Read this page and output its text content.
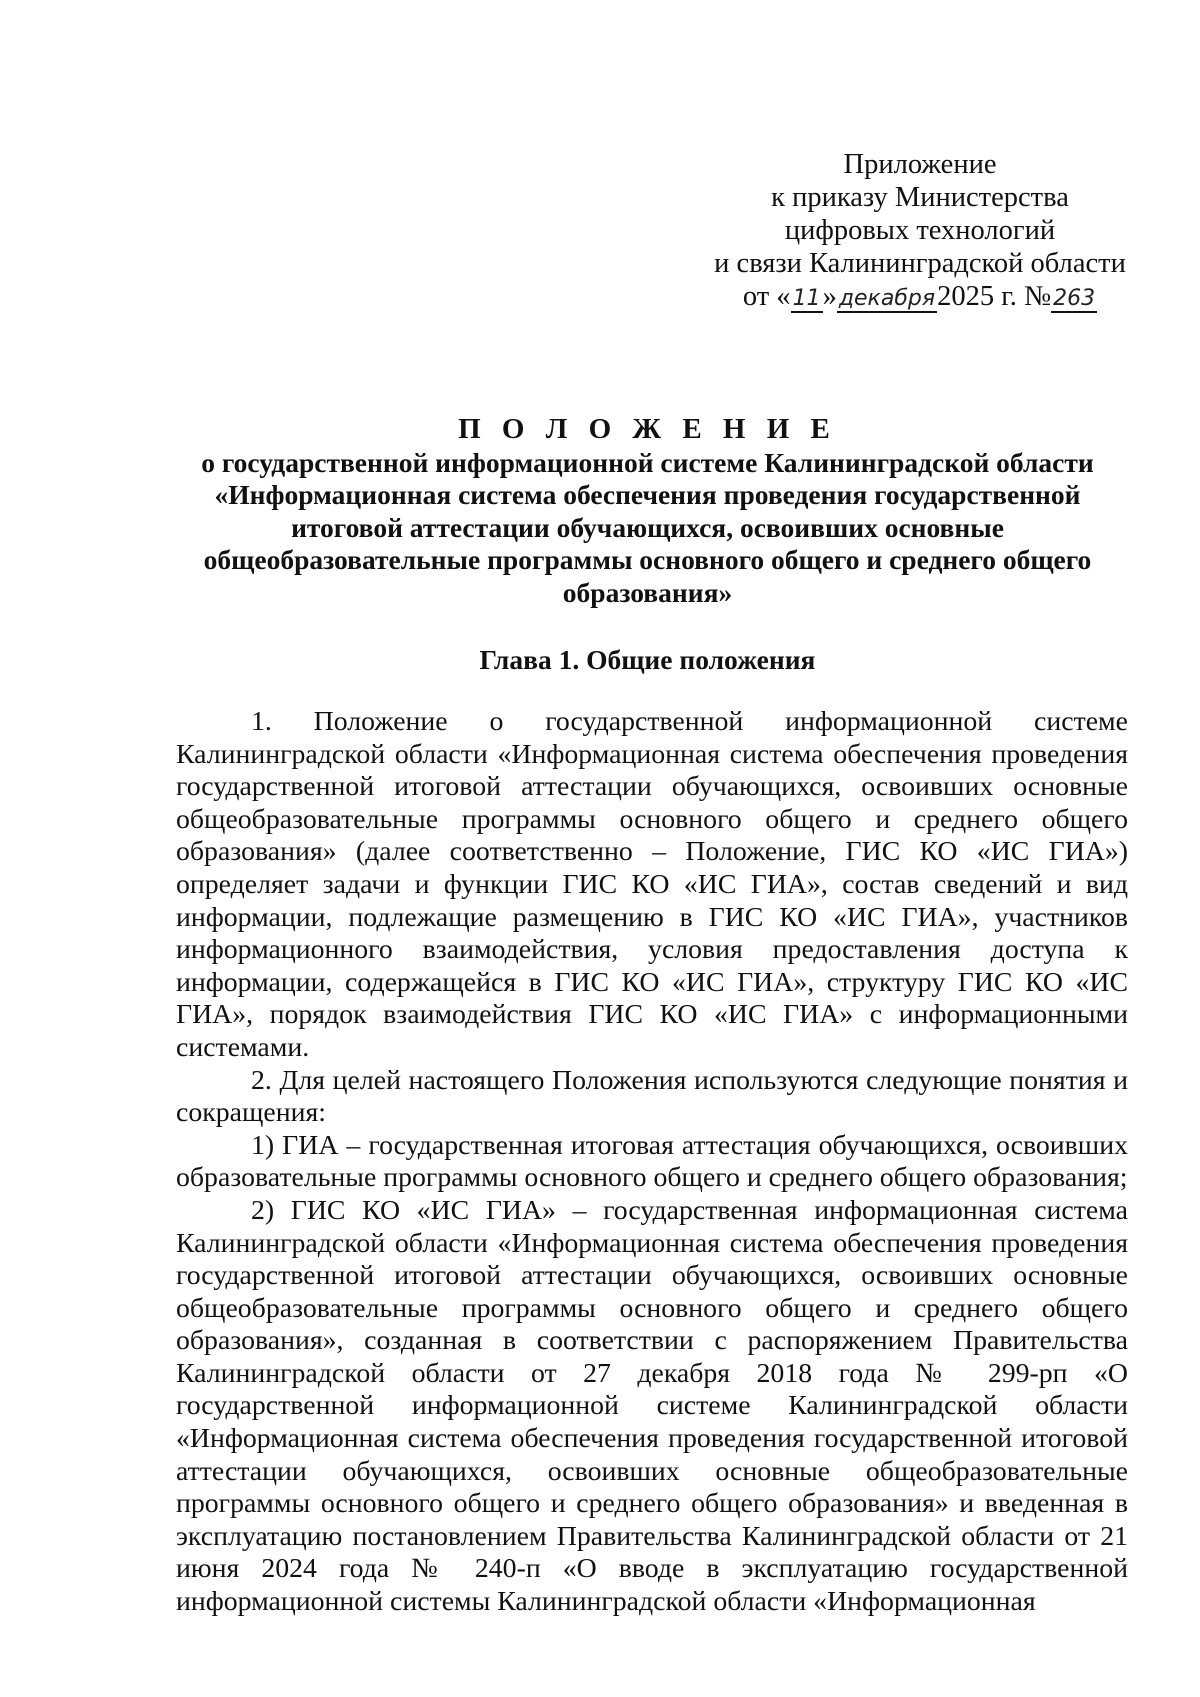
Приложение
к приказу Министерства
цифровых технологий
и связи Калининградской области
от «11»декабря2025 г. №263
П О Л О Ж Е Н И Е
о государственной информационной системе Калининградской области
«Информационная система обеспечения проведения государственной
итоговой аттестации обучающихся, освоивших основные
общеобразовательные программы основного общего и среднего общего
образования»
Глава 1. Общие положения

1. Положение о государственной информационной системе Калининградской области «Информационная система обеспечения проведения государственной итоговой аттестации обучающихся, освоивших основные общеобразовательные программы основного общего и среднего общего образования» (далее соответственно – Положение, ГИС КО «ИС ГИА») определяет задачи и функции ГИС КО «ИС ГИА», состав сведений и вид информации, подлежащие размещению в ГИС КО «ИС ГИА», участников информационного взаимодействия, условия предоставления доступа к информации, содержащейся в ГИС КО «ИС ГИА», структуру ГИС КО «ИС ГИА», порядок взаимодействия ГИС КО «ИС ГИА» с информационными системами.

2. Для целей настоящего Положения используются следующие понятия и сокращения:

1) ГИА – государственная итоговая аттестация обучающихся, освоивших образовательные программы основного общего и среднего общего образования;

2) ГИС КО «ИС ГИА» – государственная информационная система Калининградской области «Информационная система обеспечения проведения государственной итоговой аттестации обучающихся, освоивших основные общеобразовательные программы основного общего и среднего общего образования», созданная в соответствии с распоряжением Правительства Калининградской области от 27 декабря 2018 года № 299-рп «О государственной информационной системе Калининградской области «Информационная система обеспечения проведения государственной итоговой аттестации обучающихся, освоивших основные общеобразовательные программы основного общего и среднего общего образования» и введенная в эксплуатацию постановлением Правительства Калининградской области от 21 июня 2024 года № 240-п «О вводе в эксплуатацию государственной информационной системы Калининградской области «Информационная
